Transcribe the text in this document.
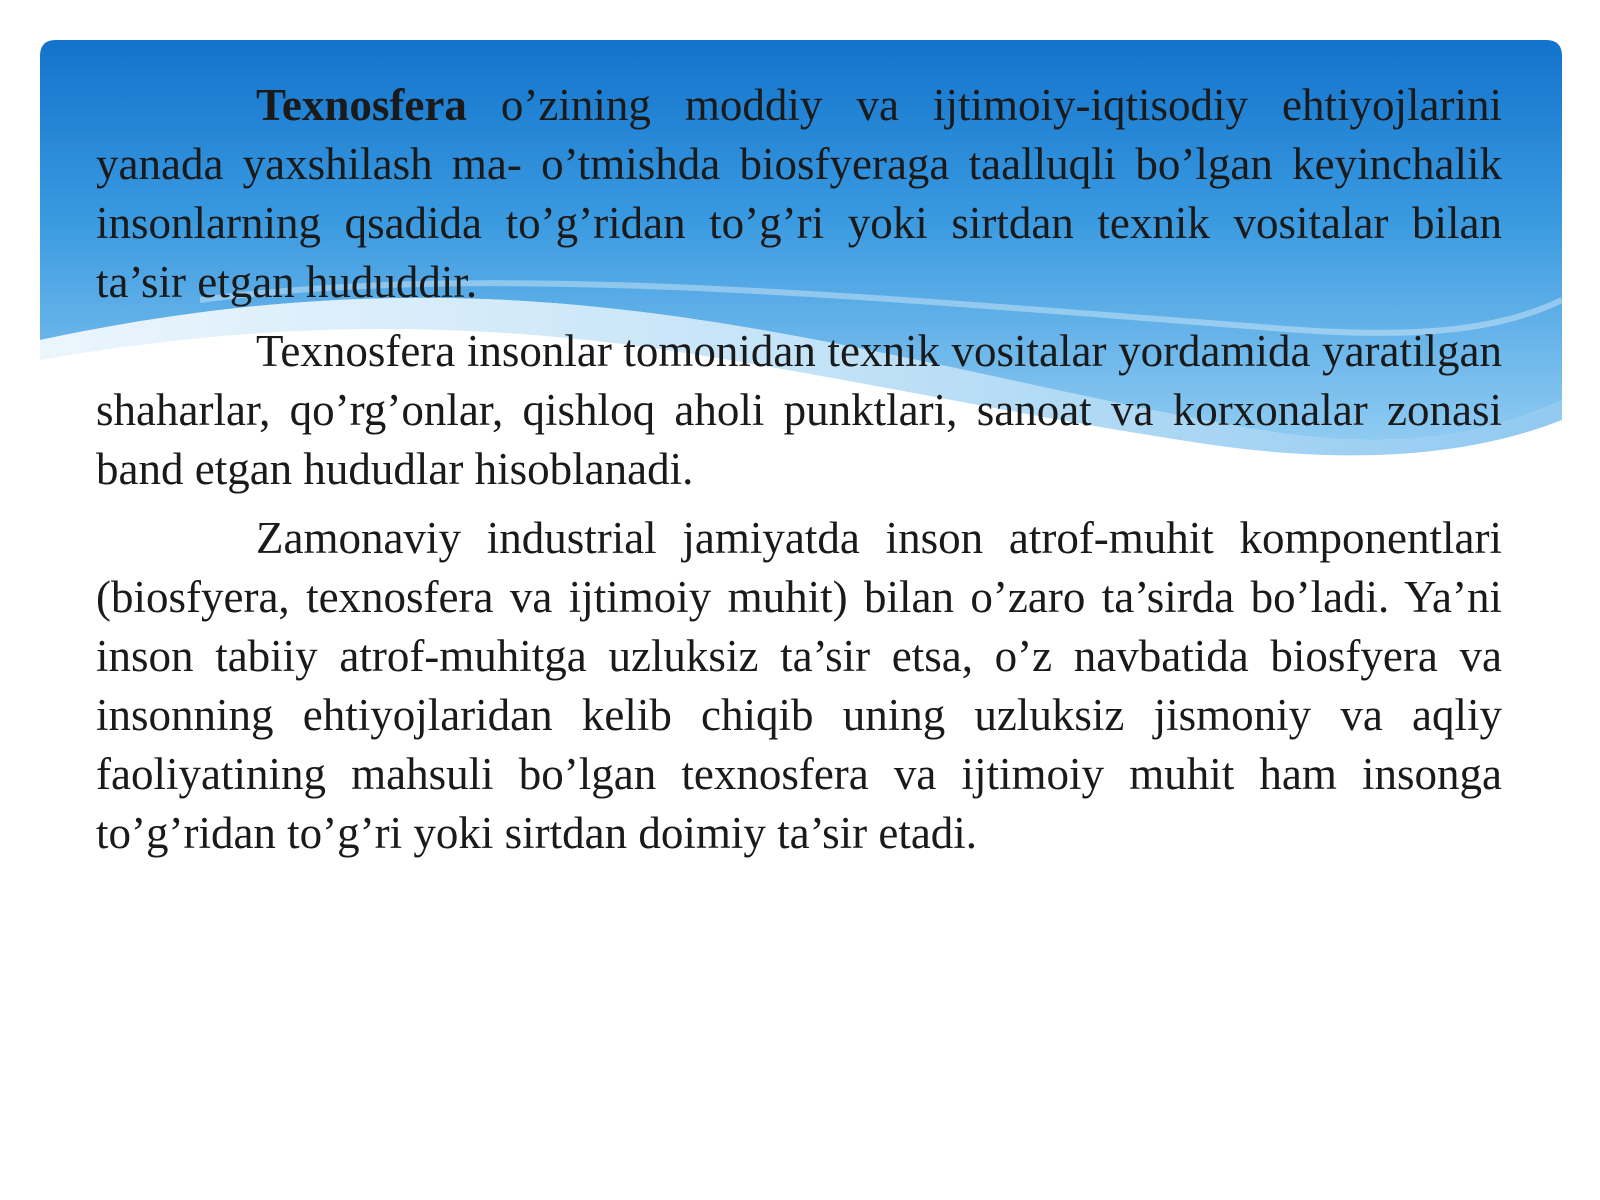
Texnosfera o’zining moddiy va ijtimoiy-iqtisodiy ehtiyojlarini yanada yaxshilash ma- o’tmishda biosfyeraga taalluqli bo’lgan keyinchalik insonlarning qsadida to’g’ridan to’g’ri yoki sirtdan texnik vositalar bilan ta’sir etgan hududdir.

Texnosfera insonlar tomonidan texnik vositalar yordamida yaratilgan shaharlar, qo’rg’onlar, qishloq aholi punktlari, sanoat va korxonalar zonasi band etgan hududlar hisoblanadi.

Zamonaviy industrial jamiyatda inson atrof-muhit komponentlari (biosfyera, texnosfera va ijtimoiy muhit) bilan o’zaro ta’sirda bo’ladi. Ya’ni inson tabiiy atrof-muhitga uzluksiz ta’sir etsa, o’z navbatida biosfyera va insonning ehtiyojlaridan kelib chiqib uning uzluksiz jismoniy va aqliy faoliyatining mahsuli bo’lgan texnosfera va ijtimoiy muhit ham insonga to’g’ridan to’g’ri yoki sirtdan doimiy ta’sir etadi.
